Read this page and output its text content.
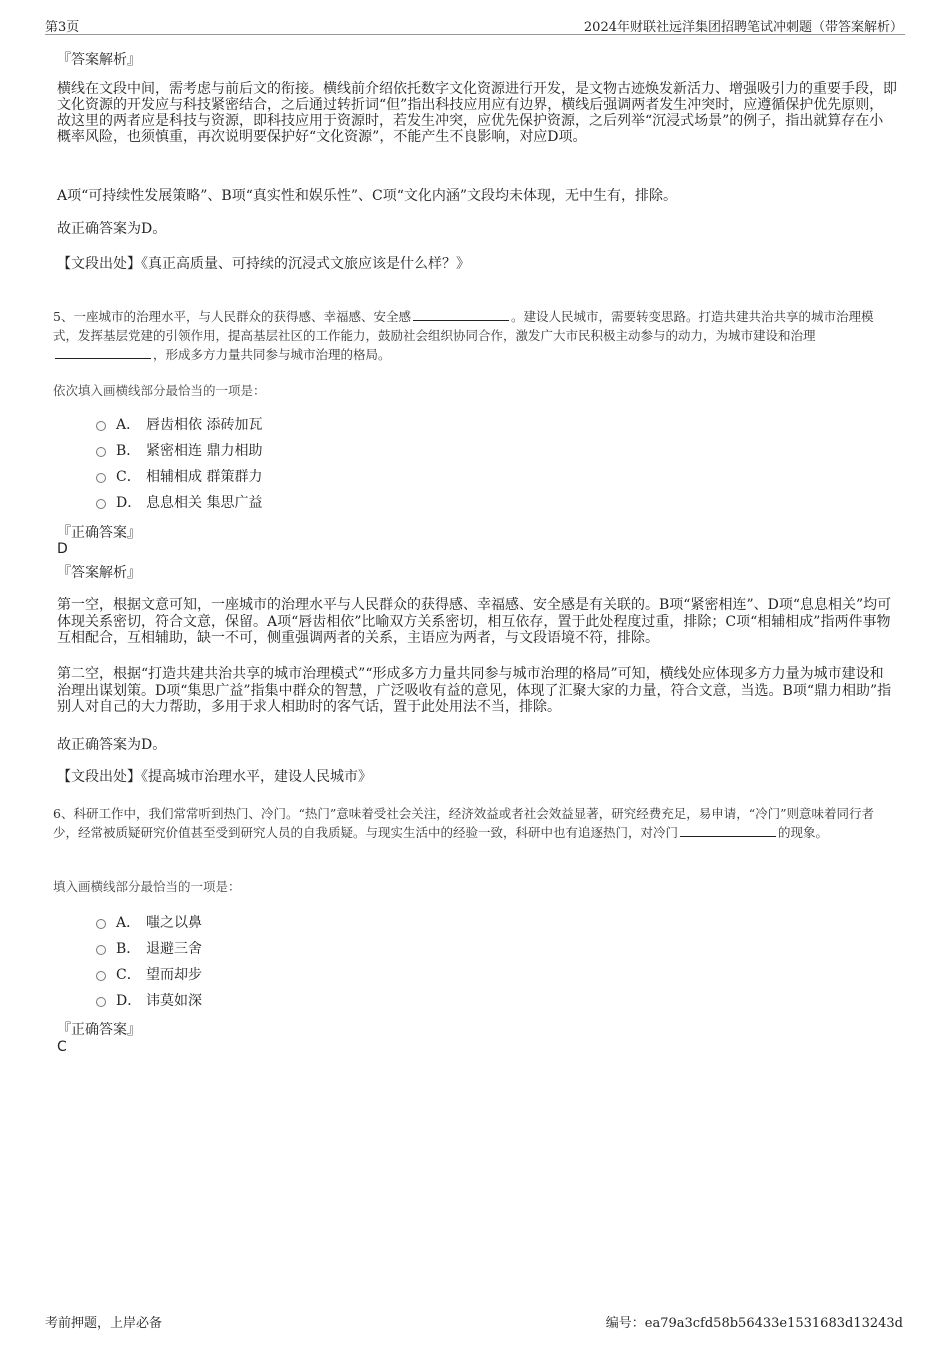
第3页	2024年财联社远洋集团招聘笔试冲刺题（带答案解析）

『答案解析』

横线在文段中间，需考虑与前后文的衔接。横线前介绍依托数字文化资源进行开发，是文物古迹焕发新活力、增强吸引力的重要手段，即文化资源的开发应与科技紧密结合，之后通过转折词“但”指出科技应用应有边界，横线后强调两者发生冲突时，应遵循保护优先原则，故这里的两者应是科技与资源，即科技应用于资源时，若发生冲突，应优先保护资源，之后列举“沉浸式场景”的例子，指出就算存在小概率风险，也须慎重，再次说明要保护好“文化资源”，不能产生不良影响，对应D项。

A项“可持续性发展策略”、B项“真实性和娱乐性”、C项“文化内涵”文段均未体现，无中生有，排除。

故正确答案为D。

【文段出处】《真正高质量、可持续的沉浸式文旅应该是什么样？》

5、一座城市的治理水平，与人民群众的获得感、幸福感、安全感	。建设人民城市，需要转变思路。打造共建共治共享的城市治理模式，发挥基层党建的引领作用，提高基层社区的工作能力，鼓励社会组织协同合作，激发广大市民积极主动参与的动力，为城市建设和治理，形成多方力量共同参与城市治理的格局。

依次填入画横线部分最恰当的一项是：

A． 唇齿相依 添砖加瓦
B． 紧密相连 鼎力相助
C． 相辅相成 群策群力
D． 息息相关 集思广益

『正确答案』

D

『答案解析』

第一空，根据文意可知，一座城市的治理水平与人民群众的获得感、幸福感、安全感是有关联的。B项“紧密相连”、D项“息息相关”均可体现关系密切，符合文意，保留。A项“唇齿相依”比喻双方关系密切，相互依存，置于此处程度过重，排除；C项“相辅相成”指两件事物互相配合，互相辅助，缺一不可，侧重强调两者的关系，主语应为两者，与文段语境不符，排除。

第二空，根据“打造共建共治共享的城市治理模式”“形成多方力量共同参与城市治理的格局”可知，横线处应体现多方力量为城市建设和治理出谋划策。D项“集思广益”指集中群众的智慧，广泛吸收有益的意见，体现了汇聚大家的力量，符合文意，当选。B项“鼎力相助”指别人对自己的大力帮助，多用于求人相助时的客气话，置于此处用法不当，排除。

故正确答案为D。

【文段出处】《提高城市治理水平，建设人民城市》

6、科研工作中，我们常常听到热门、冷门。“热门”意味着受社会关注，经济效益或者社会效益显著，研究经费充足，易申请，“冷门”则意味着同行者少，经常被质疑研究价值甚至受到研究人员的自我质疑。与现实生活中的经验一致，科研中也有追逐热门，对冷门	的现象。

填入画横线部分最恰当的一项是：

A． 嗤之以鼻
B． 退避三舍
C． 望而却步
D． 讳莫如深

『正确答案』

C

考前押题，上岸必备	编号：ea79a3cfd58b56433e1531683d13243d
